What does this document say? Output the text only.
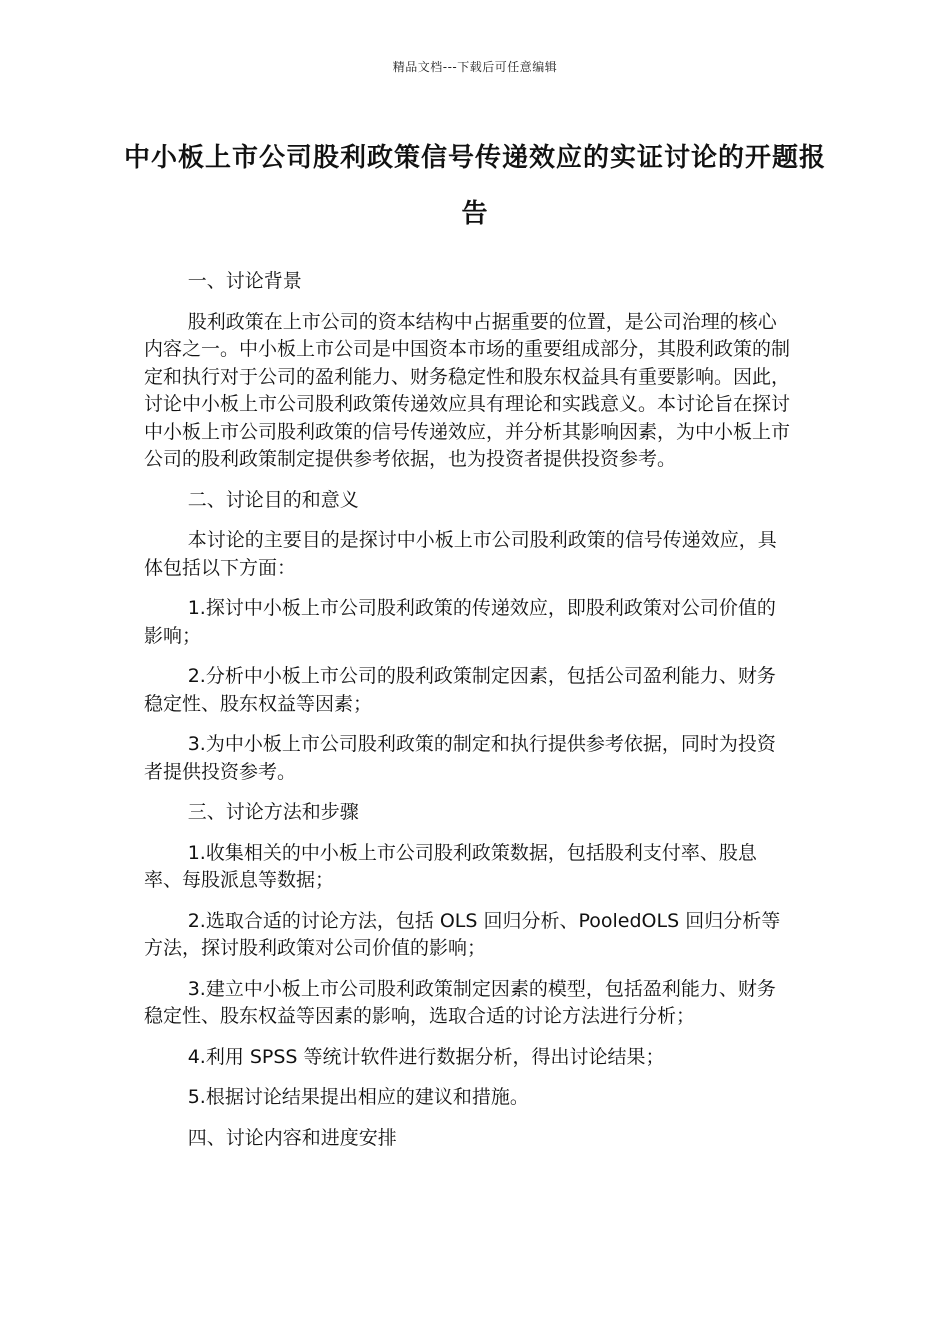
精品文档---下载后可任意编辑
中小板上市公司股利政策信号传递效应的实证讨论的开题报告

一、讨论背景

股利政策在上市公司的资本结构中占据重要的位置，是公司治理的核心内容之一。中小板上市公司是中国资本市场的重要组成部分，其股利政策的制定和执行对于公司的盈利能力、财务稳定性和股东权益具有重要影响。因此，讨论中小板上市公司股利政策传递效应具有理论和实践意义。本讨论旨在探讨中小板上市公司股利政策的信号传递效应，并分析其影响因素，为中小板上市公司的股利政策制定提供参考依据，也为投资者提供投资参考。

二、讨论目的和意义

本讨论的主要目的是探讨中小板上市公司股利政策的信号传递效应，具体包括以下方面：

1.探讨中小板上市公司股利政策的传递效应，即股利政策对公司价值的影响；

2.分析中小板上市公司的股利政策制定因素，包括公司盈利能力、财务稳定性、股东权益等因素；

3.为中小板上市公司股利政策的制定和执行提供参考依据，同时为投资者提供投资参考。

三、讨论方法和步骤

1.收集相关的中小板上市公司股利政策数据，包括股利支付率、股息率、每股派息等数据；

2.选取合适的讨论方法，包括 OLS 回归分析、PooledOLS 回归分析等方法，探讨股利政策对公司价值的影响；

3.建立中小板上市公司股利政策制定因素的模型，包括盈利能力、财务稳定性、股东权益等因素的影响，选取合适的讨论方法进行分析；

4.利用 SPSS 等统计软件进行数据分析，得出讨论结果；

5.根据讨论结果提出相应的建议和措施。

四、讨论内容和进度安排
